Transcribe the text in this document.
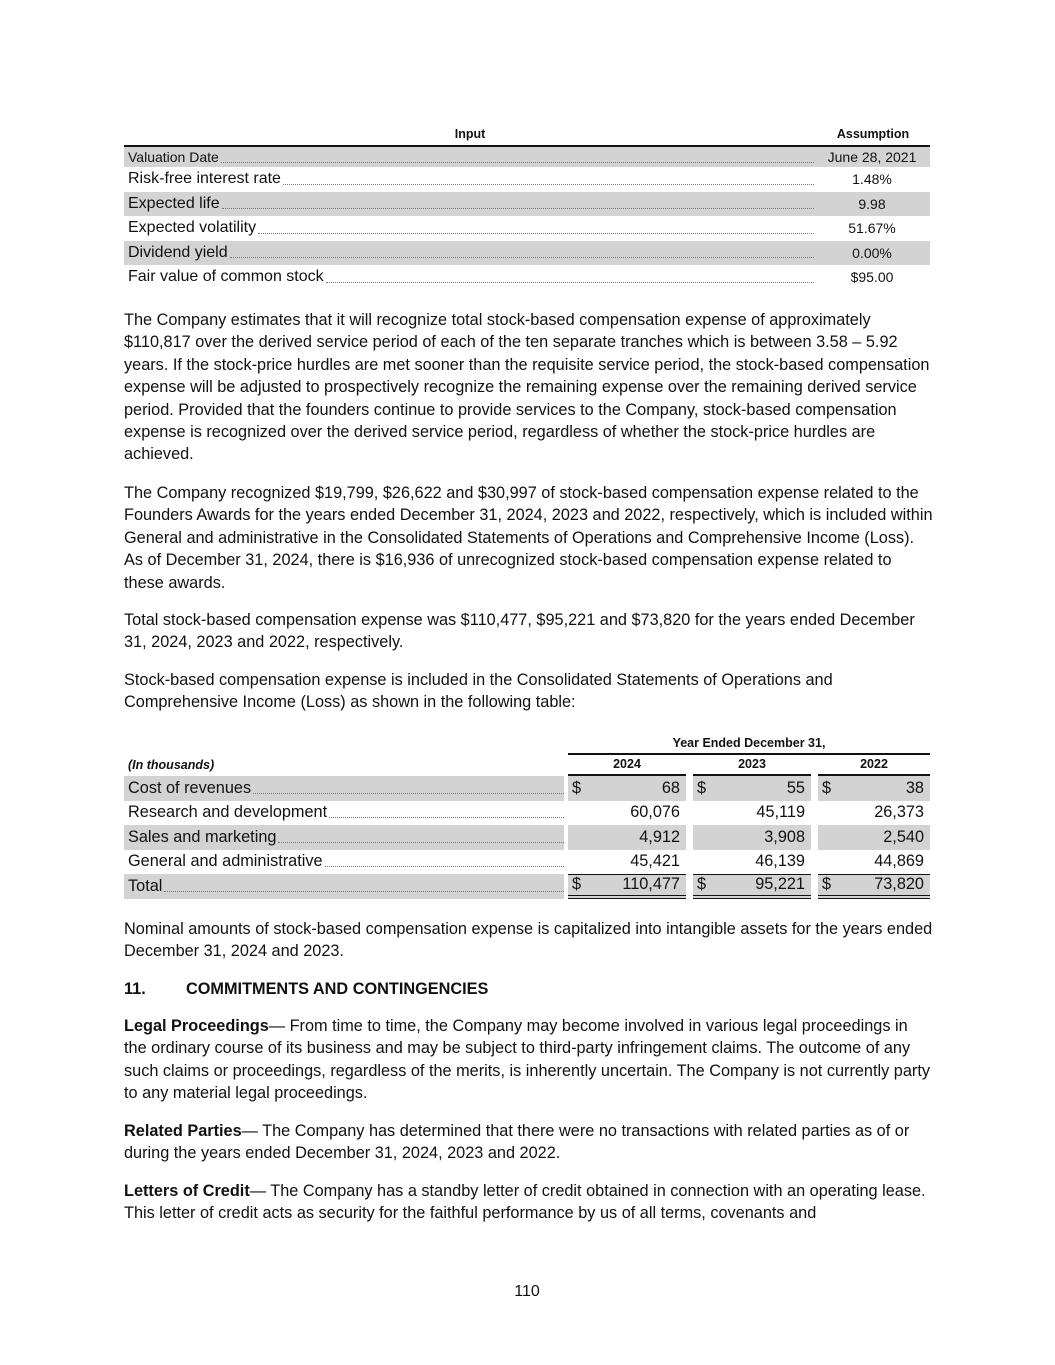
Input	Assumption
Valuation Date	June 28, 2021
Risk-free interest rate	1.48%
Expected life	9.98
Expected volatility	51.67%
Dividend yield	0.00%
Fair value of common stock	$95.00

The Company estimates that it will recognize total stock-based compensation expense of approximately $110,817 over the derived service period of each of the ten separate tranches which is between 3.58 – 5.92 years. If the stock-price hurdles are met sooner than the requisite service period, the stock-based compensation expense will be adjusted to prospectively recognize the remaining expense over the remaining derived service period. Provided that the founders continue to provide services to the Company, stock-based compensation expense is recognized over the derived service period, regardless of whether the stock-price hurdles are achieved.

The Company recognized $19,799, $26,622 and $30,997 of stock-based compensation expense related to the Founders Awards for the years ended December 31, 2024, 2023 and 2022, respectively, which is included within General and administrative in the Consolidated Statements of Operations and Comprehensive Income (Loss). As of December 31, 2024, there is $16,936 of unrecognized stock-based compensation expense related to these awards.

Total stock-based compensation expense was $110,477, $95,221 and $73,820 for the years ended December 31, 2024, 2023 and 2022, respectively.

Stock-based compensation expense is included in the Consolidated Statements of Operations and Comprehensive Income (Loss) as shown in the following table:

Year Ended December 31,
(In thousands)	2024	2023	2022
Cost of revenues	$	68	$	55	$	38
Research and development	60,076	45,119	26,373
Sales and marketing	4,912	3,908	2,540
General and administrative	45,421	46,139	44,869
Total	$	110,477	$	95,221	$	73,820

Nominal amounts of stock-based compensation expense is capitalized into intangible assets for the years ended December 31, 2024 and 2023.

11. COMMITMENTS AND CONTINGENCIES

Legal Proceedings— From time to time, the Company may become involved in various legal proceedings in the ordinary course of its business and may be subject to third-party infringement claims. The outcome of any such claims or proceedings, regardless of the merits, is inherently uncertain. The Company is not currently party to any material legal proceedings.

Related Parties— The Company has determined that there were no transactions with related parties as of or during the years ended December 31, 2024, 2023 and 2022.

Letters of Credit— The Company has a standby letter of credit obtained in connection with an operating lease. This letter of credit acts as security for the faithful performance by us of all terms, covenants and

110
